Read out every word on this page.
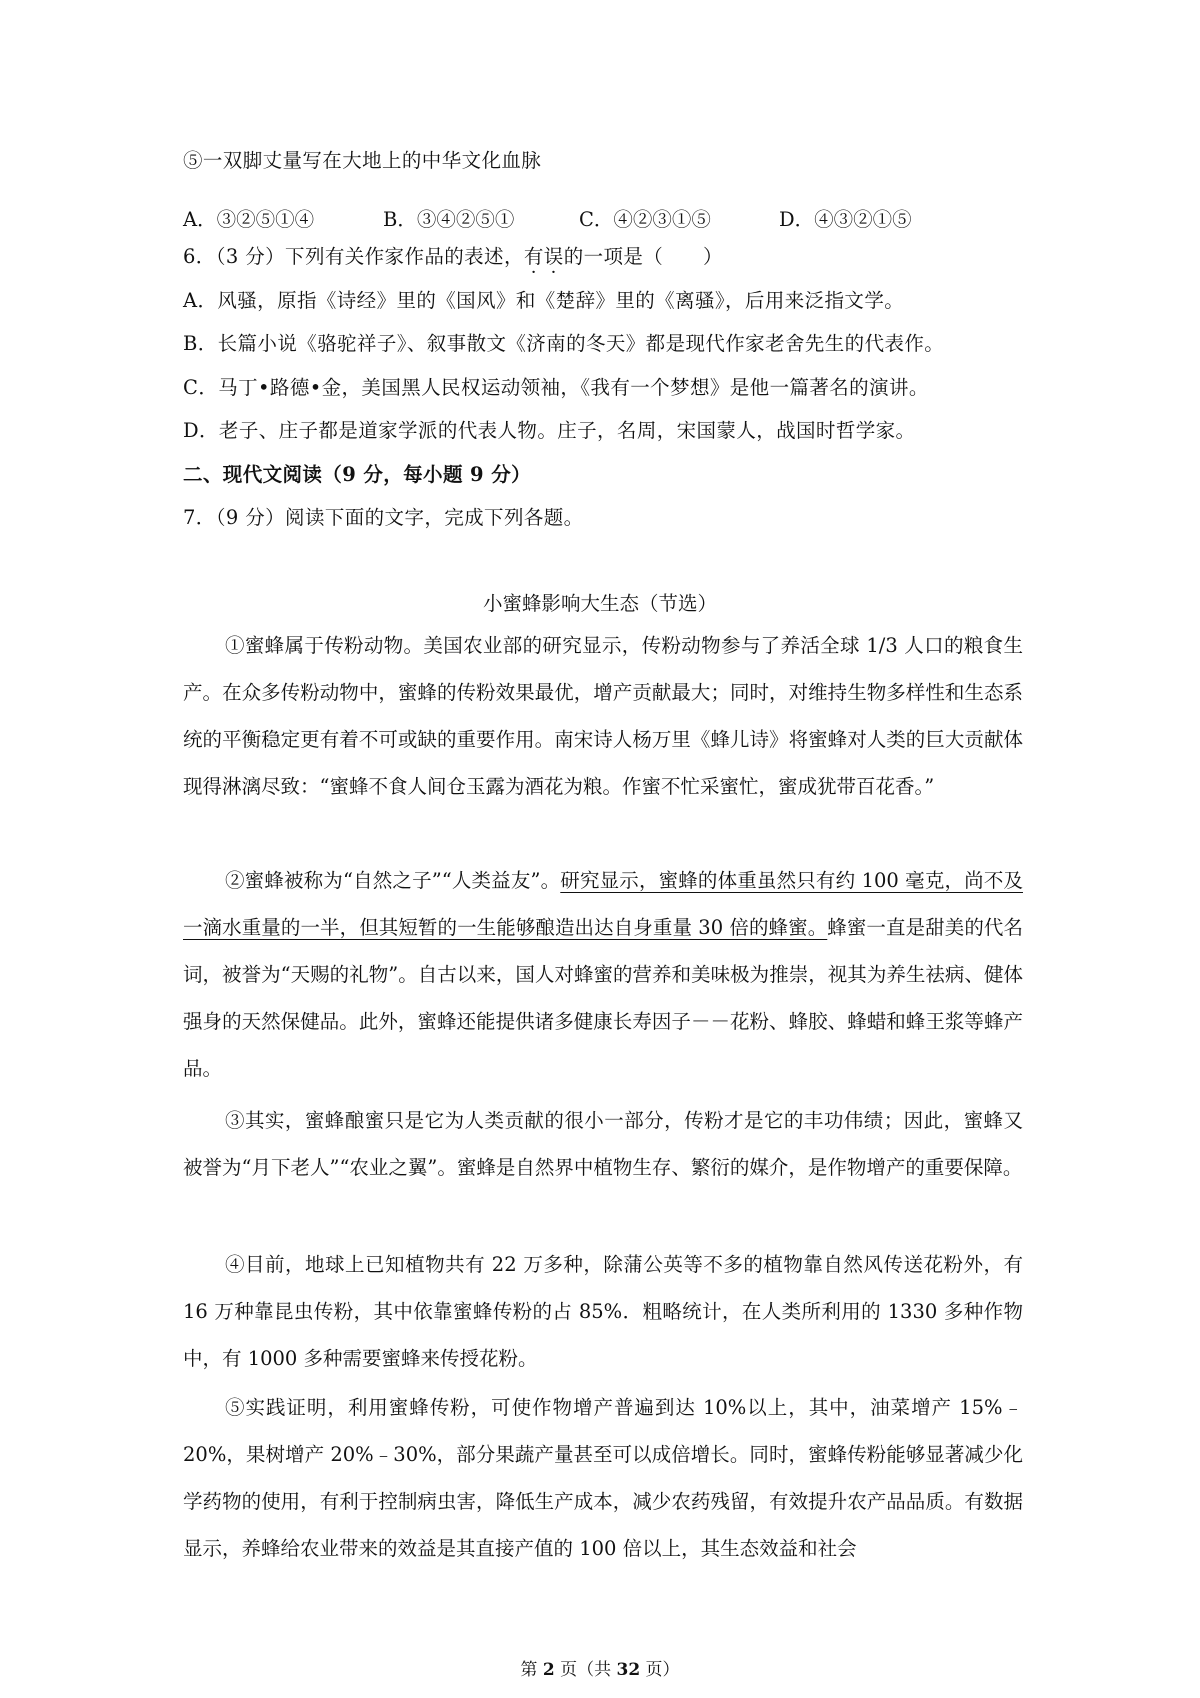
⑤一双脚丈量写在大地上的中华文化血脉
A．③②⑤①④	B．③④②⑤①	C．④②③①⑤	D．④③②①⑤
6．（3 分）下列有关作家作品的表述，有误的一项是（　　）
A．风骚，原指《诗经》里的《国风》和《楚辞》里的《离骚》，后用来泛指文学。
B．长篇小说《骆驼祥子》、叙事散文《济南的冬天》都是现代作家老舍先生的代表作。
C．马丁•路德•金，美国黑人民权运动领袖，《我有一个梦想》是他一篇著名的演讲。
D．老子、庄子都是道家学派的代表人物。庄子，名周，宋国蒙人，战国时哲学家。
二、现代文阅读（9 分，每小题 9 分）
7．（9 分）阅读下面的文字，完成下列各题。
小蜜蜂影响大生态（节选）

①蜜蜂属于传粉动物。美国农业部的研究显示，传粉动物参与了养活全球 1/3 人口的粮食生产。在众多传粉动物中，蜜蜂的传粉效果最优，增产贡献最大；同时，对维持生物多样性和生态系统的平衡稳定更有着不可或缺的重要作用。南宋诗人杨万里《蜂儿诗》将蜜蜂对人类的巨大贡献体现得淋漓尽致：“蜜蜂不食人间仓玉露为酒花为粮。作蜜不忙采蜜忙，蜜成犹带百花香。”

②蜜蜂被称为“自然之子”“人类益友”。研究显示，蜜蜂的体重虽然只有约 100 毫克，尚不及一滴水重量的一半，但其短暂的一生能够酿造出达自身重量 30 倍的蜂蜜。蜂蜜一直是甜美的代名词，被誉为“天赐的礼物”。自古以来，国人对蜂蜜的营养和美味极为推崇，视其为养生祛病、健体强身的天然保健品。此外，蜜蜂还能提供诸多健康长寿因子－－花粉、蜂胶、蜂蜡和蜂王浆等蜂产品。

③其实，蜜蜂酿蜜只是它为人类贡献的很小一部分，传粉才是它的丰功伟绩；因此，蜜蜂又被誉为“月下老人”“农业之翼”。蜜蜂是自然界中植物生存、繁衍的媒介，是作物增产的重要保障。

④目前，地球上已知植物共有 22 万多种，除蒲公英等不多的植物靠自然风传送花粉外，有 16 万种靠昆虫传粉，其中依靠蜜蜂传粉的占 85%．粗略统计，在人类所利用的 1330 多种作物中，有 1000 多种需要蜜蜂来传授花粉。

⑤实践证明，利用蜜蜂传粉，可使作物增产普遍到达 10%以上，其中，油菜增产 15%﹣20%，果树增产 20%﹣30%，部分果蔬产量甚至可以成倍增长。同时，蜜蜂传粉能够显著减少化学药物的使用，有利于控制病虫害，降低生产成本，减少农药残留，有效提升农产品品质。有数据显示，养蜂给农业带来的效益是其直接产值的 100 倍以上，其生态效益和社会

第 2 页（共 32 页）
